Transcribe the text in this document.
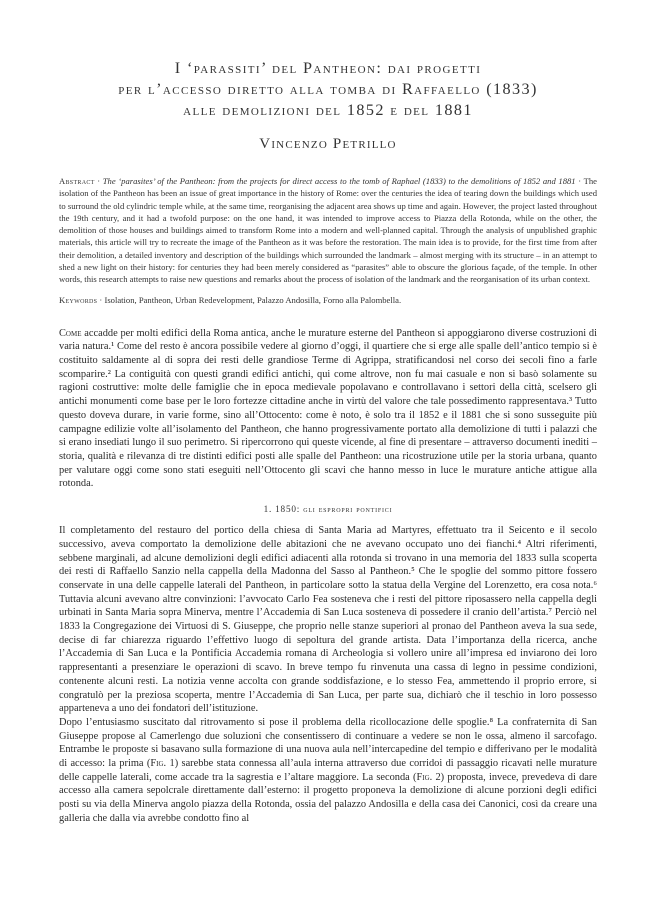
I ‘parassiti’ del Pantheon: dai progetti
per l’accesso diretto alla tomba di Raffaello (1833)
alle demolizioni del 1852 e del 1881
Vincenzo Petrillo
Abstract · The ‘parasites’ of the Pantheon: from the projects for direct access to the tomb of Raphael (1833) to the demolitions of 1852 and 1881 · The isolation of the Pantheon has been an issue of great importance in the history of Rome: over the centuries the idea of tearing down the buildings which used to surround the old cylindric temple while, at the same time, reorganising the adjacent area shows up time and again. However, the project lasted throughout the 19th century, and it had a twofold purpose: on the one hand, it was intended to improve access to Piazza della Rotonda, while on the other, the demolition of those houses and buildings aimed to transform Rome into a modern and well-planned capital. Through the analysis of unpublished graphic materials, this article will try to recreate the image of the Pantheon as it was before the restoration. The main idea is to provide, for the first time from after their demolition, a detailed inventory and description of the buildings which surrounded the landmark – almost merging with its structure – in an attempt to shed a new light on their history: for centuries they had been merely considered as “parasites” able to obscure the glorious façade, of the temple. In other words, this research attempts to raise new questions and remarks about the process of isolation of the landmark and the reorganisation of its urban context.
Keywords · Isolation, Pantheon, Urban Redevelopment, Palazzo Andosilla, Forno alla Palombella.
Come accadde per molti edifici della Roma antica, anche le murature esterne del Pantheon si appoggiarono diverse costruzioni di varia natura.¹ Come del resto è ancora possibile vedere al giorno d’oggi, il quartiere che si erge alle spalle dell’antico tempio si è costituito saldamente al di sopra dei resti delle grandiose Terme di Agrippa, stratificandosi nel corso dei secoli fino a farle scomparire.² La contiguità con questi grandi edifici antichi, qui come altrove, non fu mai casuale e non si basò solamente su ragioni costruttive: molte delle famiglie che in epoca medievale popolavano e controllavano i settori della città, scelsero gli antichi monumenti come base per le loro fortezze cittadine anche in virtù del valore che tale possedimento rappresentava.³ Tutto questo doveva durare, in varie forme, sino all’Ottocento: come è noto, è solo tra il 1852 e il 1881 che si sono susseguite più campagne edilizie volte all’isolamento del Pantheon, che hanno progressivamente portato alla demolizione di tutti i palazzi che si erano insediati lungo il suo perimetro. Si ripercorrono qui queste vicende, al fine di presentare – attraverso documenti inediti – storia, qualità e rilevanza di tre distinti edifici posti alle spalle del Pantheon: una ricostruzione utile per la storia urbana, quanto per valutare oggi come sono stati eseguiti nell’Ottocento gli scavi che hanno messo in luce le murature antiche attigue alla rotonda.
1. 1850: gli espropri pontifici

Il completamento del restauro del portico della chiesa di Santa Maria ad Martyres, effettuato tra il Seicento e il secolo successivo, aveva comportato la demolizione delle abitazioni che ne avevano occupato uno dei fianchi.⁴ Altri riferimenti, sebbene marginali, ad alcune demolizioni degli edifici adiacenti alla rotonda si trovano in una memoria del 1833 sulla scoperta dei resti di Raffaello Sanzio nella cappella della Madonna del Sasso al Pantheon.⁵ Che le spoglie del sommo pittore fossero conservate in una delle cappelle laterali del Pantheon, in particolare sotto la statua della Vergine del Lorenzetto, era cosa nota.⁶ Tuttavia alcuni avevano altre convinzioni: l’avvocato Carlo Fea sosteneva che i resti del pittore riposassero nella cappella degli urbinati in Santa Maria sopra Minerva, mentre l’Accademia di San Luca sosteneva di possedere il cranio dell’artista.⁷ Perciò nel 1833 la Congregazione dei Virtuosi di S. Giuseppe, che proprio nelle stanze superiori al pronao del Pantheon aveva la sua sede, decise di far chiarezza riguardo l’effettivo luogo di sepoltura del grande artista. Data l’importanza della ricerca, anche l’Accademia di San Luca e la Pontificia Accademia romana di Archeologia si vollero unire all’impresa ed inviarono dei loro rappresentanti a presenziare le operazioni di scavo. In breve tempo fu rinvenuta una cassa di legno in pessime condizioni, contenente alcuni resti. La notizia venne accolta con grande soddisfazione, e lo stesso Fea, ammettendo il proprio errore, si congratulò per la preziosa scoperta, mentre l’Accademia di San Luca, per parte sua, dichiarò che il teschio in loro possesso apparteneva a uno dei fondatori dell’istituzione.

Dopo l’entusiasmo suscitato dal ritrovamento si pose il problema della ricollocazione delle spoglie.⁸ La confraternita di San Giuseppe propose al Camerlengo due soluzioni che consentissero di continuare a vedere se non le ossa, almeno il sarcofago. Entrambe le proposte si basavano sulla formazione di una nuova aula nell’intercapedine del tempio e differivano per le modalità di accesso: la prima (Fig. 1) sarebbe stata connessa all’aula interna attraverso due corridoi di passaggio ricavati nelle murature delle cappelle laterali, come accade tra la sagrestia e l’altare maggiore. La seconda (Fig. 2) proposta, invece, prevedeva di dare accesso alla camera sepolcrale direttamente dall’esterno: il progetto proponeva la demolizione di alcune porzioni degli edifici posti su via della Minerva angolo piazza della Rotonda, ossia del palazzo Andosilla e della casa dei Canonici, così da creare una galleria che dalla via avrebbe condotto fino al
